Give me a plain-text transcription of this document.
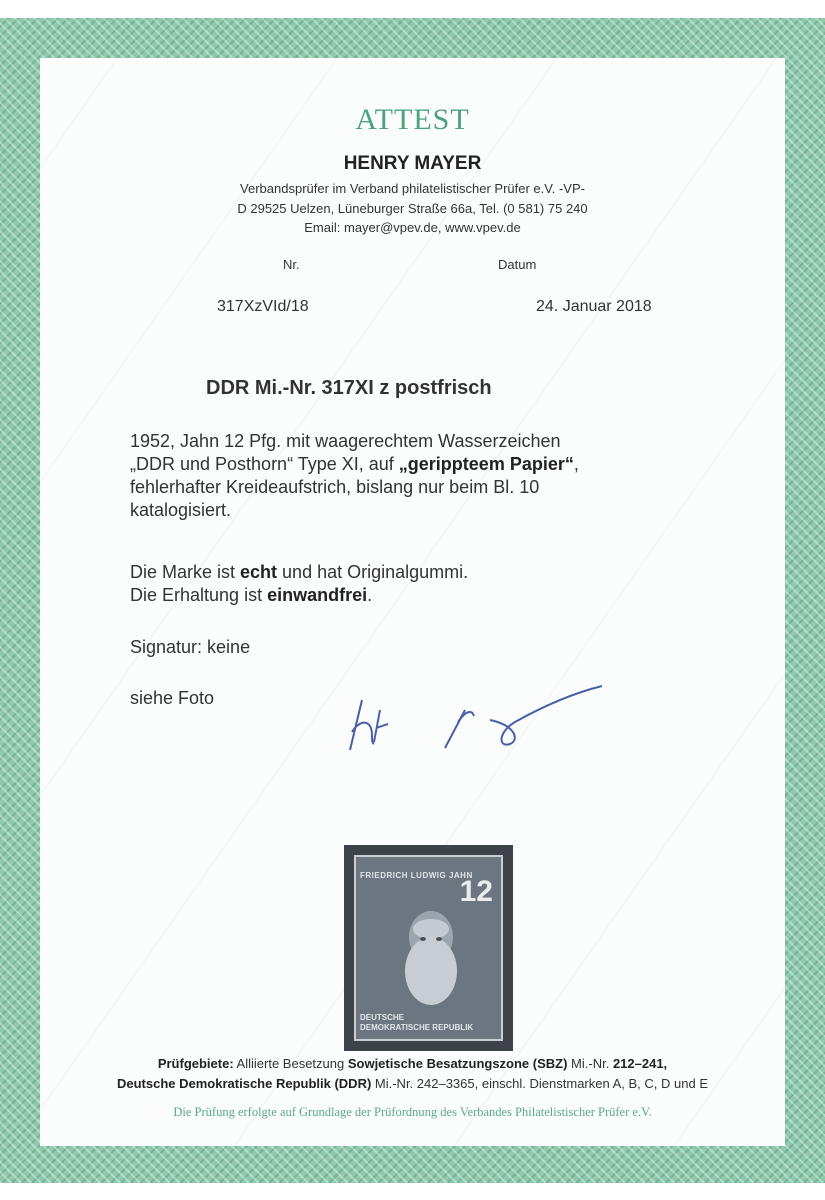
ATTEST
HENRY MAYER
Verbandsprüfer im Verband philatelistischer Prüfer e.V. -VP-
D 29525 Uelzen, Lüneburger Straße 66a, Tel. (0 581) 75 240
Email: mayer@vpev.de, www.vpev.de
Nr.	Datum
317XzVId/18	24. Januar 2018
DDR Mi.-Nr. 317XI z postfrisch
1952, Jahn 12 Pfg. mit waagerechtem Wasserzeichen
„DDR und Posthorn“ Type XI, auf „gerippteem Papier“,
fehlerhafter Kreideaufstrich, bislang nur beim Bl. 10
katalogisiert.
Die Marke ist echt und hat Originalgummi.
Die Erhaltung ist einwandfrei.
Signatur: keine
siehe Foto
FRIEDRICH LUDWIG JAHN
12
DEUTSCHE
DEMOKRATISCHE REPUBLIK
Prüfgebiete: Alliierte Besetzung Sowjetische Besatzungszone (SBZ) Mi.-Nr. 212–241,
Deutsche Demokratische Republik (DDR) Mi.-Nr. 242–3365, einschl. Dienstmarken A, B, C, D und E
Die Prüfung erfolgte auf Grundlage der Prüfordnung des Verbandes Philatelistischer Prüfer e.V.
